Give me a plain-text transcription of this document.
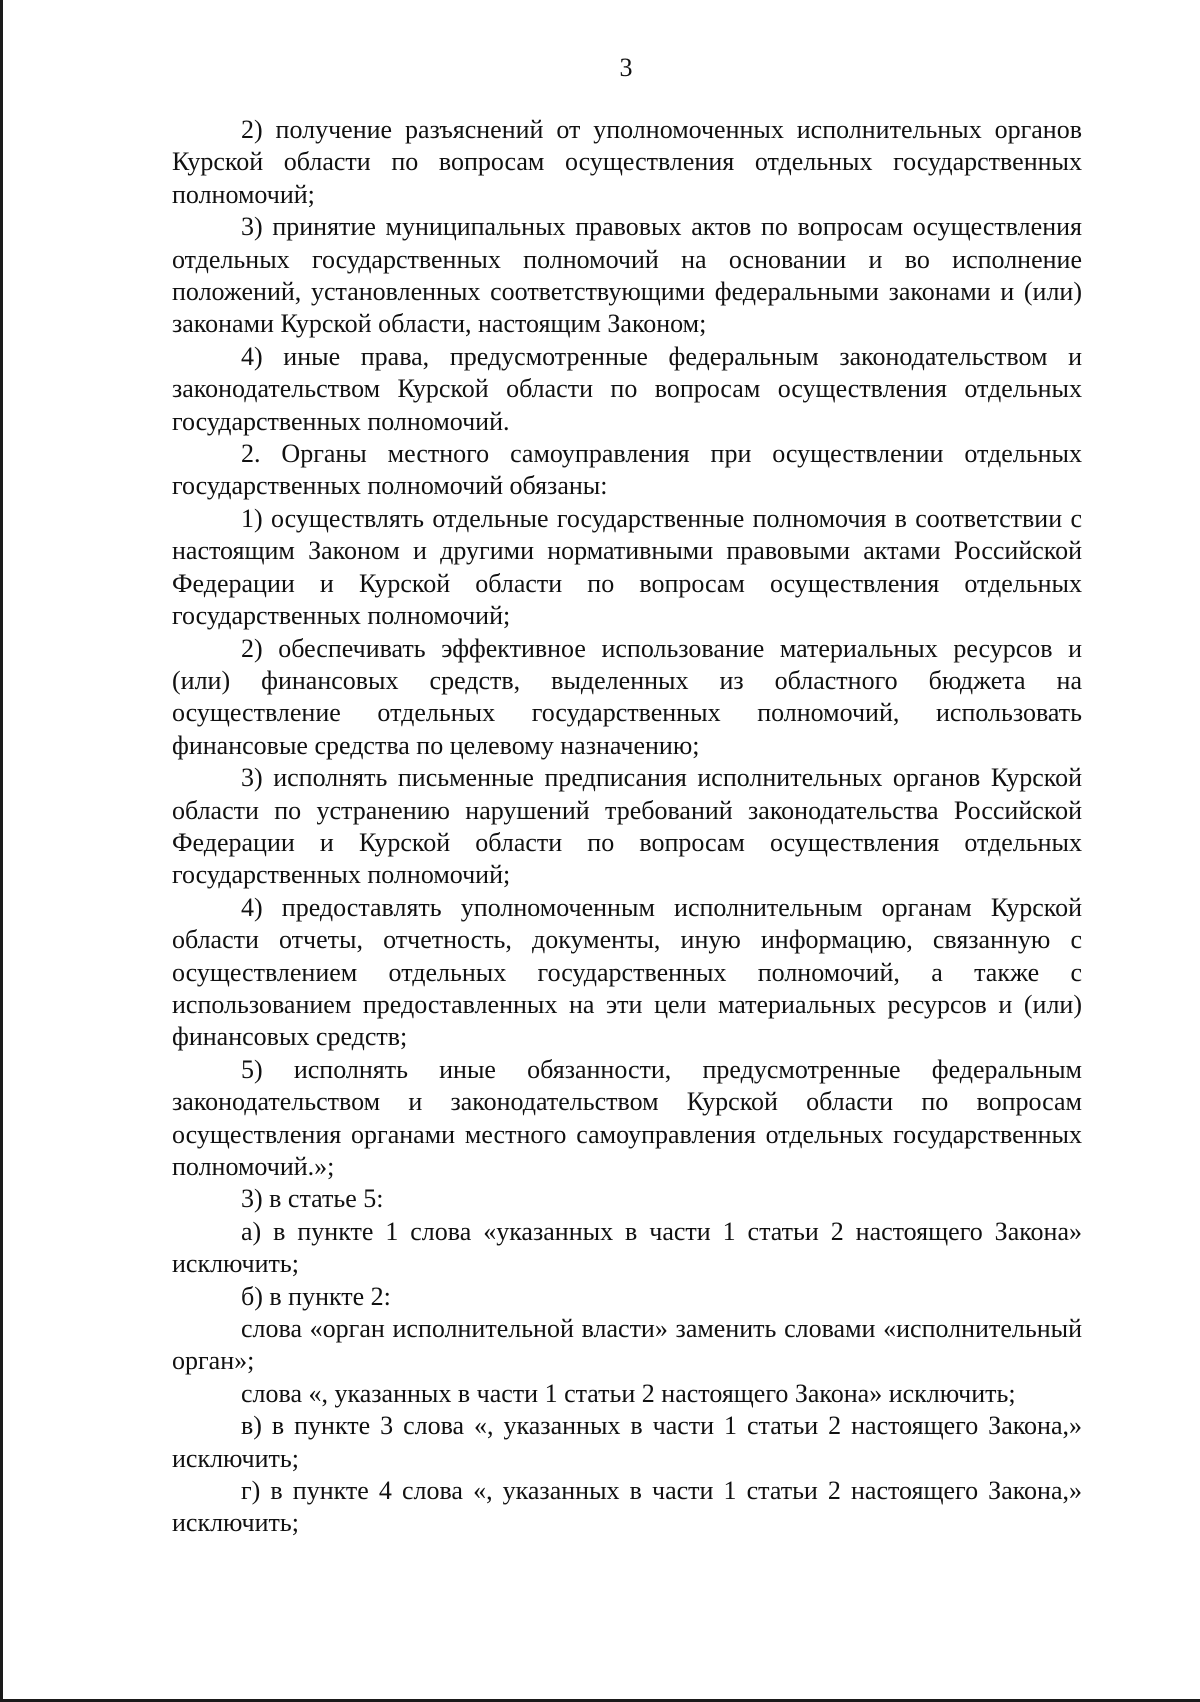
3

2) получение разъяснений от уполномоченных исполнительных органов Курской области по вопросам осуществления отдельных государственных полномочий;

3) принятие муниципальных правовых актов по вопросам осуществления отдельных государственных полномочий на основании и во исполнение положений, установленных соответствующими федеральными законами и (или) законами Курской области, настоящим Законом;

4) иные права, предусмотренные федеральным законодательством и законодательством Курской области по вопросам осуществления отдельных государственных полномочий.

2. Органы местного самоуправления при осуществлении отдельных государственных полномочий обязаны:

1) осуществлять отдельные государственные полномочия в соответствии с настоящим Законом и другими нормативными правовыми актами Российской Федерации и Курской области по вопросам осуществления отдельных государственных полномочий;

2) обеспечивать эффективное использование материальных ресурсов и (или) финансовых средств, выделенных из областного бюджета на осуществление отдельных государственных полномочий, использовать финансовые средства по целевому назначению;

3) исполнять письменные предписания исполнительных органов Курской области по устранению нарушений требований законодательства Российской Федерации и Курской области по вопросам осуществления отдельных государственных полномочий;

4) предоставлять уполномоченным исполнительным органам Курской области отчеты, отчетность, документы, иную информацию, связанную с осуществлением отдельных государственных полномочий, а также с использованием предоставленных на эти цели материальных ресурсов и (или) финансовых средств;

5) исполнять иные обязанности, предусмотренные федеральным законодательством и законодательством Курской области по вопросам осуществления органами местного самоуправления отдельных государственных полномочий.»;

3) в статье 5:

а) в пункте 1 слова «указанных в части 1 статьи 2 настоящего Закона» исключить;

б) в пункте 2:

слова «орган исполнительной власти» заменить словами «исполнительный орган»;

слова «, указанных в части 1 статьи 2 настоящего Закона» исключить;

в) в пункте 3 слова «, указанных в части 1 статьи 2 настоящего Закона,» исключить;

г) в пункте 4 слова «, указанных в части 1 статьи 2 настоящего Закона,» исключить;
